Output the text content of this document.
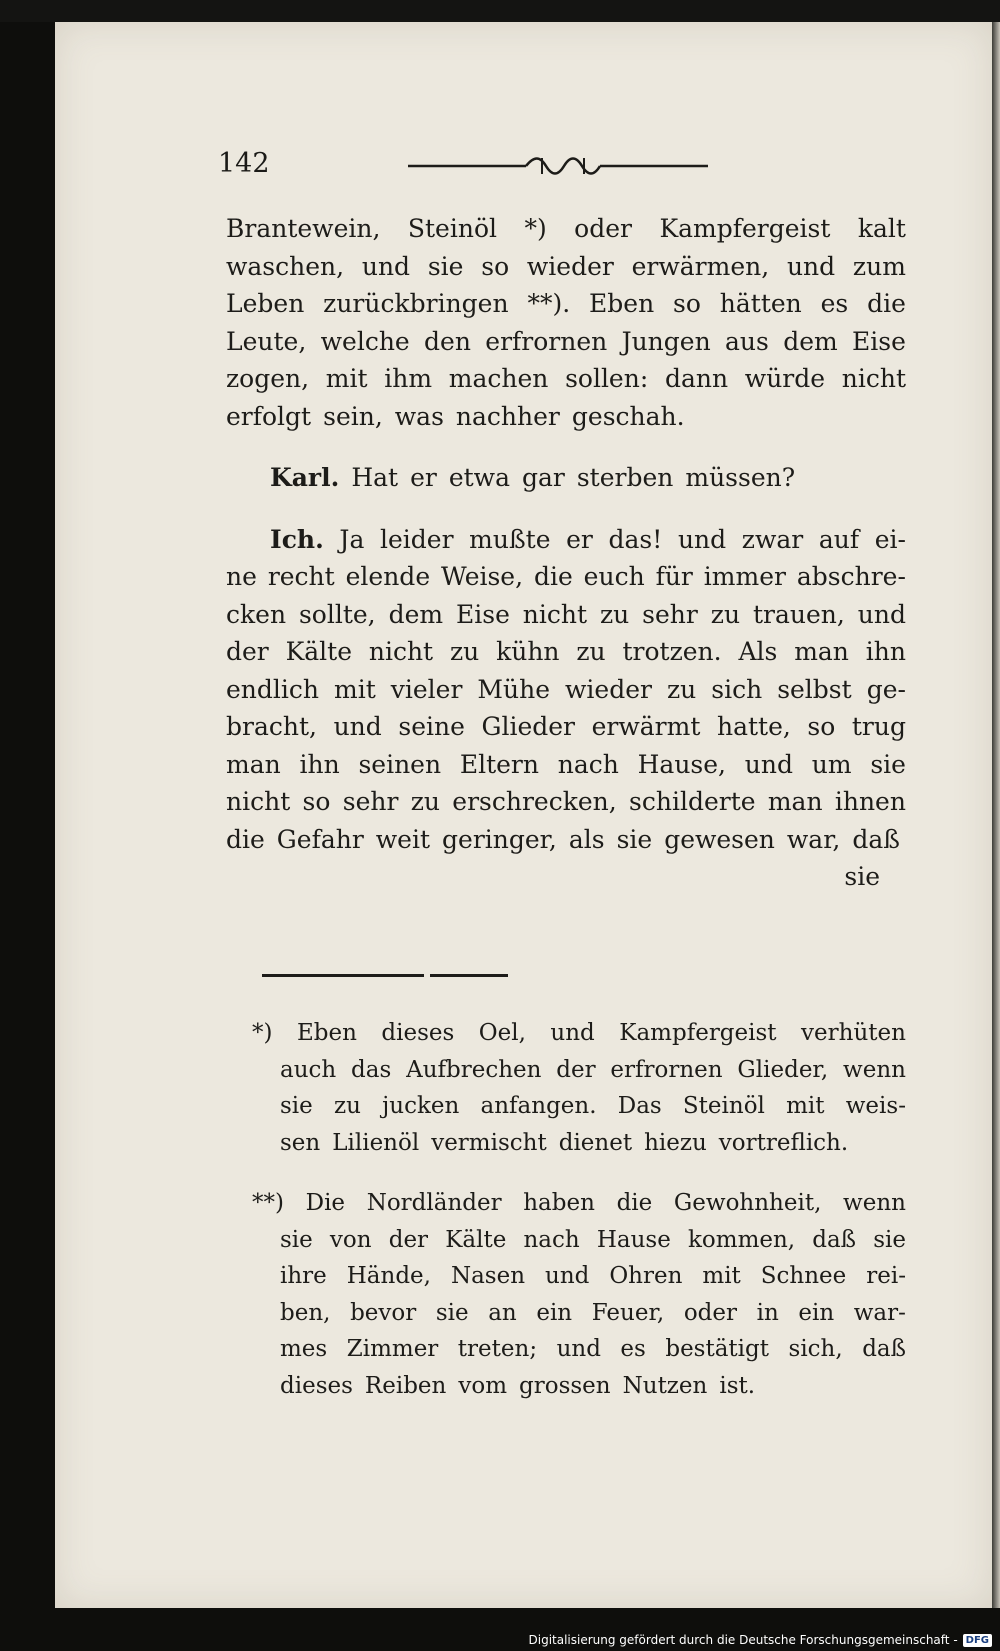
142
Brantewein, Steinöl *) oder Kampfergeist kalt
waschen, und sie so wieder erwärmen, und zum
Leben zurückbringen **). Eben so hätten es die
Leute, welche den erfrornen Jungen aus dem Eise
zogen, mit ihm machen sollen: dann würde nicht
erfolgt sein, was nachher geschah.
Karl. Hat er etwa gar sterben müssen?
Ich. Ja leider mußte er das! und zwar auf ei-
ne recht elende Weise, die euch für immer abschre-
cken sollte, dem Eise nicht zu sehr zu trauen, und
der Kälte nicht zu kühn zu trotzen. Als man ihn
endlich mit vieler Mühe wieder zu sich selbst ge-
bracht, und seine Glieder erwärmt hatte, so trug
man ihn seinen Eltern nach Hause, und um sie
nicht so sehr zu erschrecken, schilderte man ihnen
die Gefahr weit geringer, als sie gewesen war, daß
sie
*) Eben dieses Oel, und Kampfergeist verhüten
auch das Aufbrechen der erfrornen Glieder, wenn
sie zu jucken anfangen. Das Steinöl mit weis-
sen Lilienöl vermischt dienet hiezu vortreflich.
**) Die Nordländer haben die Gewohnheit, wenn
sie von der Kälte nach Hause kommen, daß sie
ihre Hände, Nasen und Ohren mit Schnee rei-
ben, bevor sie an ein Feuer, oder in ein war-
mes Zimmer treten; und es bestätigt sich, daß
dieses Reiben vom grossen Nutzen ist.
Digitalisierung gefördert durch die Deutsche Forschungsgemeinschaft - DFG
